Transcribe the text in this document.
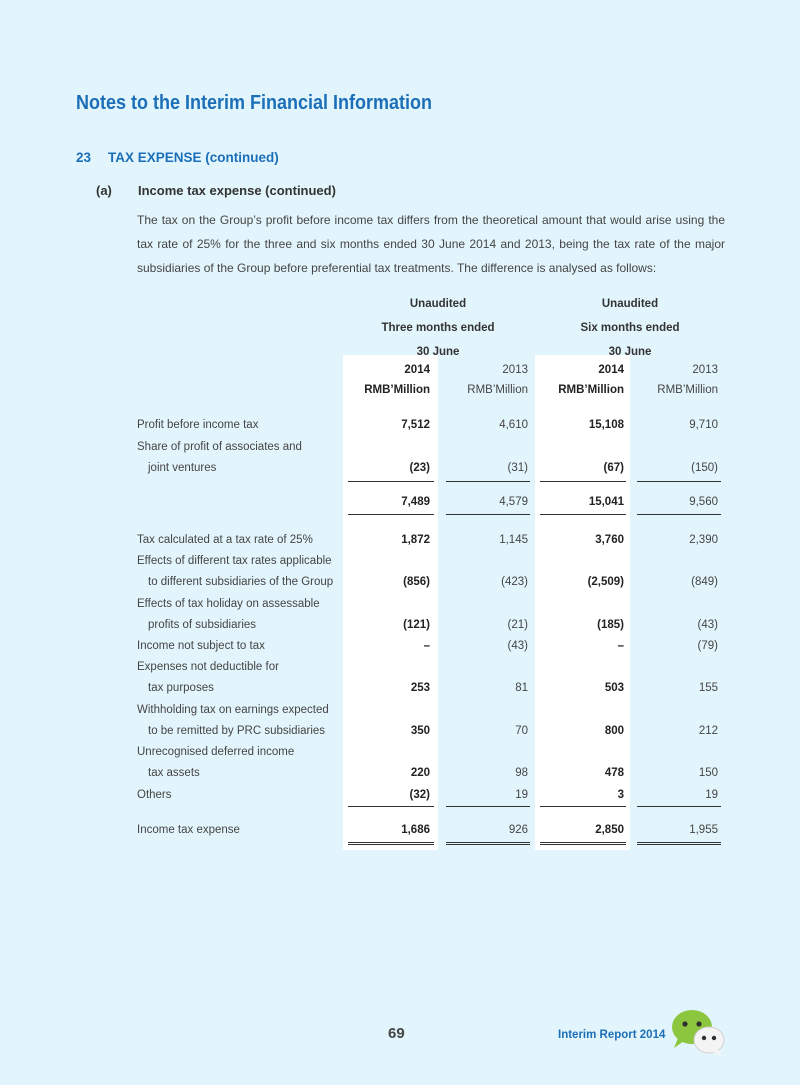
Notes to the Interim Financial Information
23 TAX EXPENSE (continued)
(a) Income tax expense (continued)
The tax on the Group’s profit before income tax differs from the theoretical amount that would arise using the tax rate of 25% for the three and six months ended 30 June 2014 and 2013, being the tax rate of the major subsidiaries of the Group before preferential tax treatments. The difference is analysed as follows:
Unaudited
Three months ended
30 June
Unaudited
Six months ended
30 June
2014	2013	2014	2013
RMB’Million	RMB’Million	RMB’Million	RMB’Million
Profit before income tax	7,512	4,610	15,108	9,710
Share of profit of associates and
joint ventures	(23)	(31)	(67)	(150)
7,489	4,579	15,041	9,560
Tax calculated at a tax rate of 25%	1,872	1,145	3,760	2,390
Effects of different tax rates applicable
to different subsidiaries of the Group	(856)	(423)	(2,509)	(849)
Effects of tax holiday on assessable
profits of subsidiaries	(121)	(21)	(185)	(43)
Income not subject to tax	–	(43)	–	(79)
Expenses not deductible for
tax purposes	253	81	503	155
Withholding tax on earnings expected
to be remitted by PRC subsidiaries	350	70	800	212
Unrecognised deferred income
tax assets	220	98	478	150
Others	(32)	19	3	19
Income tax expense	1,686	926	2,850	1,955
69	Interim Report 2014
